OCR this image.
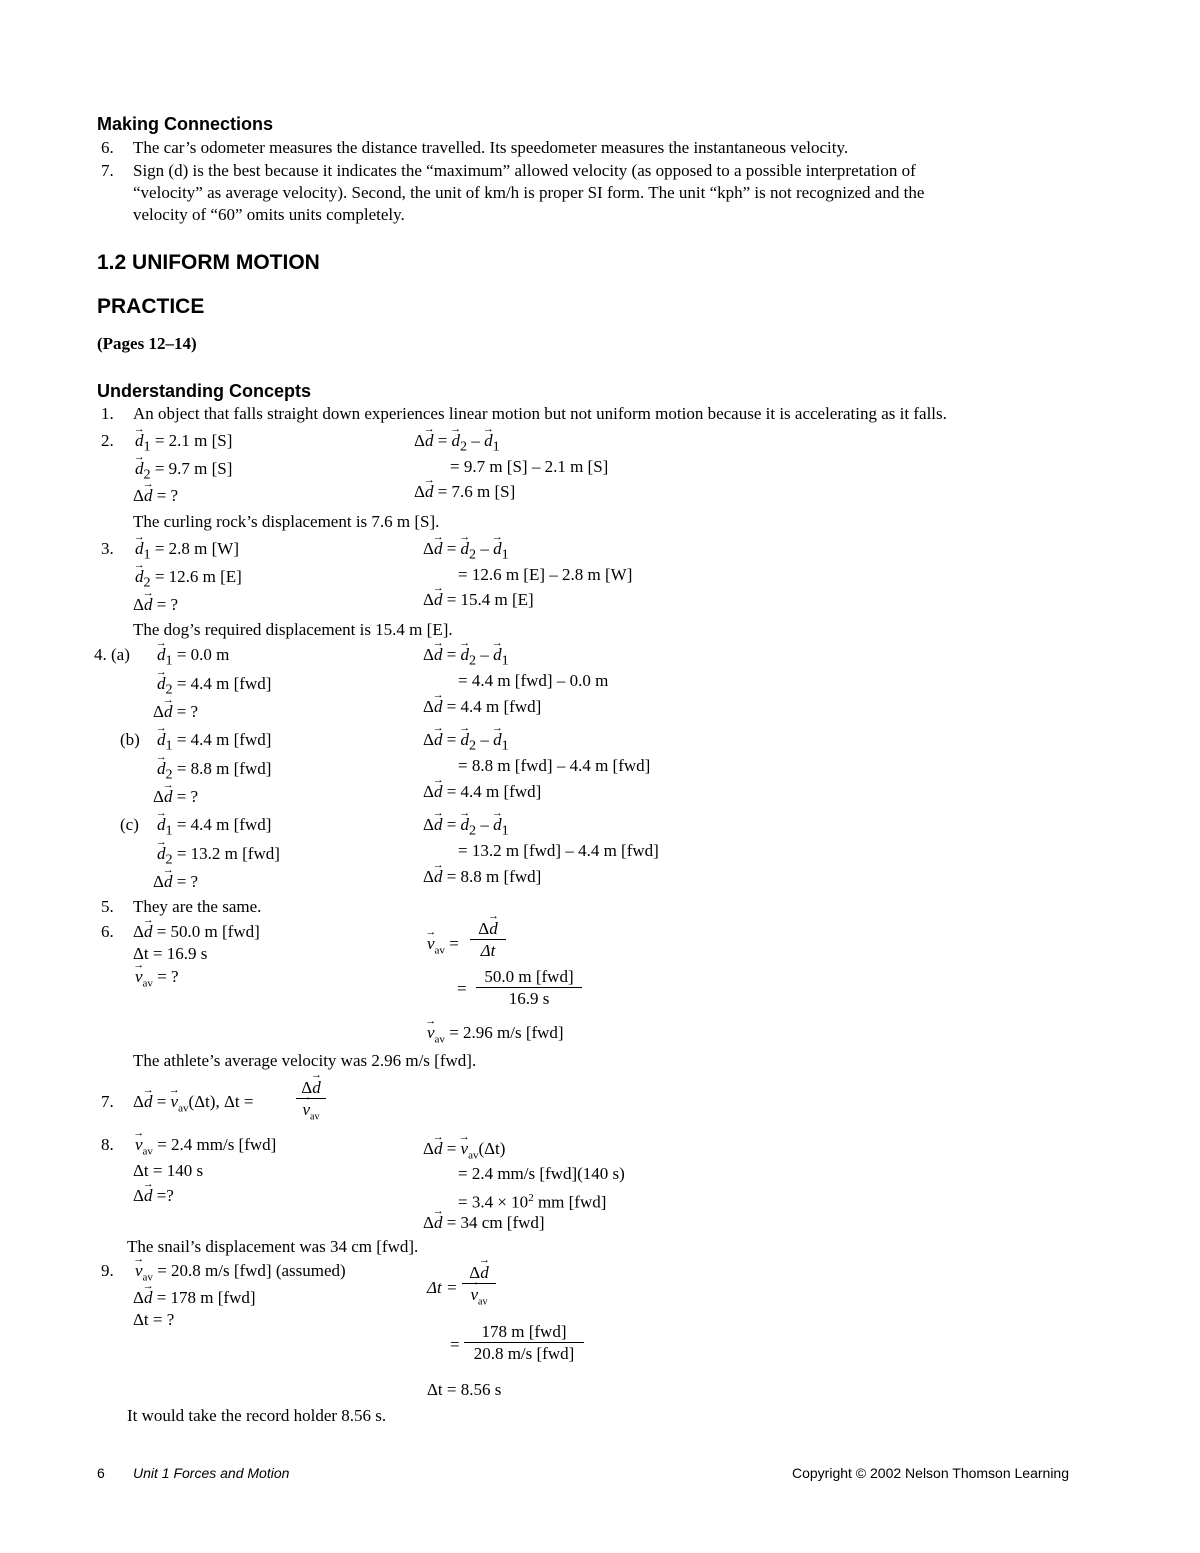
Making Connections
6. The car’s odometer measures the distance travelled. Its speedometer measures the instantaneous velocity.
7. Sign (d) is the best because it indicates the “maximum” allowed velocity (as opposed to a possible interpretation of
“velocity” as average velocity). Second, the unit of km/h is proper SI form. The unit “kph” is not recognized and the
velocity of “60” omits units completely.
1.2 UNIFORM MOTION
PRACTICE
(Pages 12–14)
Understanding Concepts
1. An object that falls straight down experiences linear motion but not uniform motion because it is accelerating as it falls.
2.
→ $d_1 = 2.1$ m [S]
→ $d_2 = 9.7$ m [S]
Δ→ d = ?
Δ→ d = → $d_2$ – → $d_1$
= 9.7 m [S] – 2.1 m [S]
Δ→ d = 7.6 m [S]
The curling rock’s displacement is 7.6 m [S].
3.
→ $d_1 = 2.8$ m [W]
→ $d_2 = 12.6$ m [E]
Δ→ d = ?
Δ→ d = → $d_2$ – → $d_1$
= 12.6 m [E] – 2.8 m [W]
Δ→ d = 15.4 m [E]
The dog’s required displacement is 15.4 m [E].
4. (a)
→ $d_1 = 0.0$ m
→ $d_2 = 4.4$ m [fwd]
Δ→ d = ?
Δ→ d = → $d_2$ – → $d_1$
= 4.4 m [fwd] – 0.0 m
Δ→ d = 4.4 m [fwd]
(b)
→ $d_1 = 4.4$ m [fwd]
→ $d_2 = 8.8$ m [fwd]
Δ→ d = ?
Δ→ d = → $d_2$ – → $d_1$
= 8.8 m [fwd] – 4.4 m [fwd]
Δ→ d = 4.4 m [fwd]
(c)
→ $d_1 = 4.4$ m [fwd]
→ $d_2 = 13.2$ m [fwd]
Δ→ d = ?
Δ→ d = → $d_2$ – → $d_1$
= 13.2 m [fwd] – 4.4 m [fwd]
Δ→ d = 8.8 m [fwd]
5. They are the same.
6. Δ→ d = 50.0 m [fwd]
Δt = 16.9 s
→ $v_{av}$ = ?
→ $v_{av} = \frac{\Delta\to d}{\Delta t}$
=
50.0 m [fwd]
16.9 s
→ $v_{av} = 2.96$ m/s [fwd]
The athlete’s average velocity was 2.96 m/s [fwd].
7. Δ→ d = → $v_{av}(\Delta t)$, Δt =
Δ→ d
→ $v_{av}$
8.
→ $v_{av} = 2.4$ mm/s [fwd]
Δt = 140 s
Δ→ d =?
Δ→ d = → $v_{av}(\Delta t)$
= 2.4 mm/s [fwd](140 s)
= $3.4 \times 10^2$ mm [fwd]
Δ→ d = 34 cm [fwd]
The snail’s displacement was 34 cm [fwd].
9.
→ $v_{av} = 20.8$ m/s [fwd] (assumed)
Δ→ d = 178 m [fwd]
Δt = ?
Δt =
Δ→ d
→ $v_{av}$
=
178 m [fwd]
20.8 m/s [fwd]
Δt = 8.56 s
It would take the record holder 8.56 s.
6 Unit 1 Forces and Motion	Copyright © 2002 Nelson Thomson Learning
